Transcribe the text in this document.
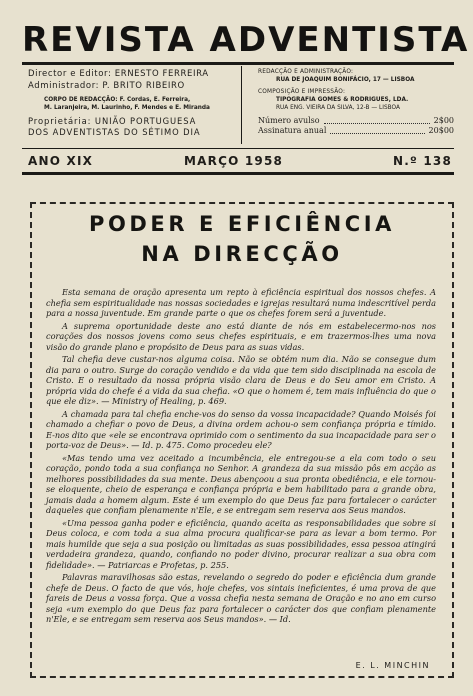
REVISTA ADVENTISTA
Director e Editor: ERNESTO FERREIRA
Administrador: P. BRITO RIBEIRO
CORPO DE REDACÇÃO: F. Cordas, E. Ferreira,
M. Laranjeira, M. Laurinho, F. Mendes e E. Miranda
Proprietária: UNIÃO PORTUGUESA
DOS ADVENTISTAS DO SÉTIMO DIA
REDACÇÃO E ADMINISTRAÇÃO:
RUA DE JOAQUIM BONIFÁCIO, 17 — LISBOA
COMPOSIÇÃO E IMPRESSÃO:
TIPOGRAFIA GOMES & RODRIGUES, LDA.
RUA ENG. VIEIRA DA SILVA, 12-B — LISBOA
Número avulso	2$00
Assinatura anual	20$00
ANO XIX	MARÇO 1958	N.º 138
PODER E EFICIÊNCIA
NA DIRECÇÃO

Esta semana de oração apresenta um repto à eficiência espiritual dos nossos chefes. A chefia sem espiritualidade nas nossas sociedades e igrejas resultará numa indescritível perda para a nossa juventude. Em grande parte o que os chefes forem será a juventude.

A suprema oportunidade deste ano está diante de nós em estabelecermo-nos nos corações dos nossos jovens como seus chefes espirituais, e em trazermos-lhes uma nova visão do grande plano e propósito de Deus para as suas vidas.

Tal chefia deve custar-nos alguma coisa. Não se obtém num dia. Não se consegue dum dia para o outro. Surge do coração vendido e da vida que tem sido disciplinada na escola de Cristo. E o resultado da nossa própria visão clara de Deus e do Seu amor em Cristo. A própria vida do chefe é a vida da sua chefia. «O que o homem é, tem mais influência do que o que ele diz». — Ministry of Healing, p. 469.

A chamada para tal chefia enche-vos do senso da vossa incapacidade? Quando Moisés foi chamado a chefiar o povo de Deus, a divina ordem achou-o sem confiança própria e tímido. E-nos dito que «ele se encontrava oprimido com o sentimento da sua incapacidade para ser o porta-voz de Deus». — Id. p. 475. Como procedeu ele?

«Mas tendo uma vez aceitado a incumbência, ele entregou-se a ela com todo o seu coração, pondo toda a sua confiança no Senhor. A grandeza da sua missão pôs em acção as melhores possibilidades da sua mente. Deus abençoou a sua pronta obediência, e ele tornou-se eloquente, cheio de esperança e confiança própria e bem habilitado para a grande obra, jamais dada a homem algum. Este é um exemplo do que Deus faz para fortalecer o carácter daqueles que confiam plenamente n'Ele, e se entregam sem reserva aos Seus mandos.

«Uma pessoa ganha poder e eficiência, quando aceita as responsabilidades que sobre si Deus coloca, e com toda a sua alma procura qualificar-se para as levar a bom termo. Por mais humilde que seja a sua posição ou limitadas as suas possibilidades, essa pessoa atingirá verdadeira grandeza, quando, confiando no poder divino, procurar realizar a sua obra com fidelidade». — Patriarcas e Profetas, p. 255.

Palavras maravilhosas são estas, revelando o segredo do poder e eficiência dum grande chefe de Deus. O facto de que vós, hoje chefes, vos sintais ineficientes, é uma prova de que fareis de Deus a vossa força. Que a vossa chefia nesta semana de Oração e no ano em curso seja «um exemplo do que Deus faz para fortalecer o carácter dos que confiam plenamente n'Ele, e se entregam sem reserva aos Seus mandos». — Id.

E. L. MINCHIN
